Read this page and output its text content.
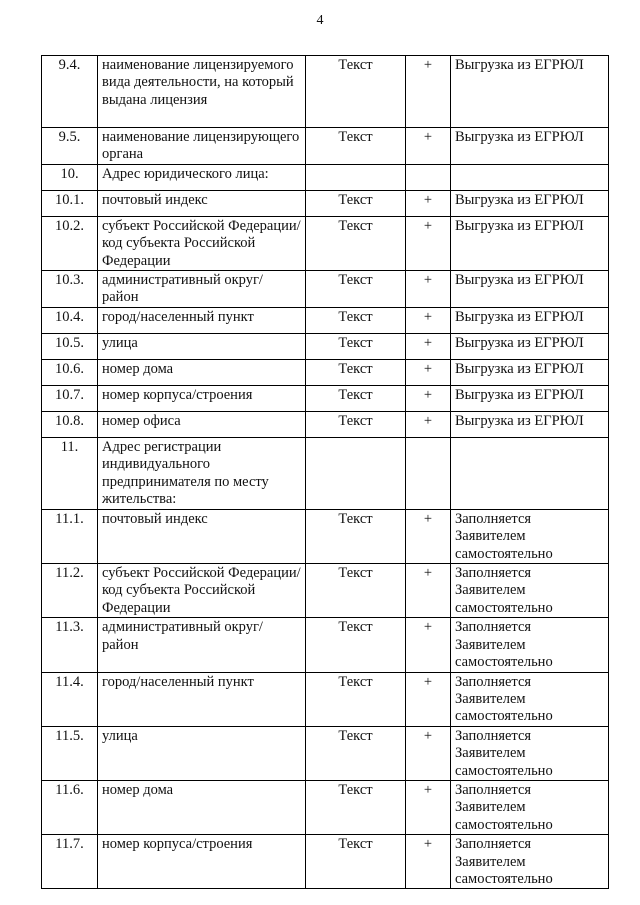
4
9.4.	наименование лицензируемого вида деятельности, на который выдана лицензия	Текст	+	Выгрузка из ЕГРЮЛ
9.5.	наименование лицензирующего органа	Текст	+	Выгрузка из ЕГРЮЛ
10.	Адрес юридического лица:			
10.1.	почтовый индекс	Текст	+	Выгрузка из ЕГРЮЛ
10.2.	субъект Российской Федерации/код субъекта Российской Федерации	Текст	+	Выгрузка из ЕГРЮЛ
10.3.	административный округ/ район	Текст	+	Выгрузка из ЕГРЮЛ
10.4.	город/населенный пункт	Текст	+	Выгрузка из ЕГРЮЛ
10.5.	улица	Текст	+	Выгрузка из ЕГРЮЛ
10.6.	номер дома	Текст	+	Выгрузка из ЕГРЮЛ
10.7.	номер корпуса/строения	Текст	+	Выгрузка из ЕГРЮЛ
10.8.	номер офиса	Текст	+	Выгрузка из ЕГРЮЛ
11.	Адрес регистрации индивидуального предпринимателя по месту жительства:			
11.1.	почтовый индекс	Текст	+	Заполняется Заявителем самостоятельно
11.2.	субъект Российской Федерации/код субъекта Российской Федерации	Текст	+	Заполняется Заявителем самостоятельно
11.3.	административный округ/ район	Текст	+	Заполняется Заявителем самостоятельно
11.4.	город/населенный пункт	Текст	+	Заполняется Заявителем самостоятельно
11.5.	улица	Текст	+	Заполняется Заявителем самостоятельно
11.6.	номер дома	Текст	+	Заполняется Заявителем самостоятельно
11.7.	номер корпуса/строения	Текст	+	Заполняется Заявителем самостоятельно
